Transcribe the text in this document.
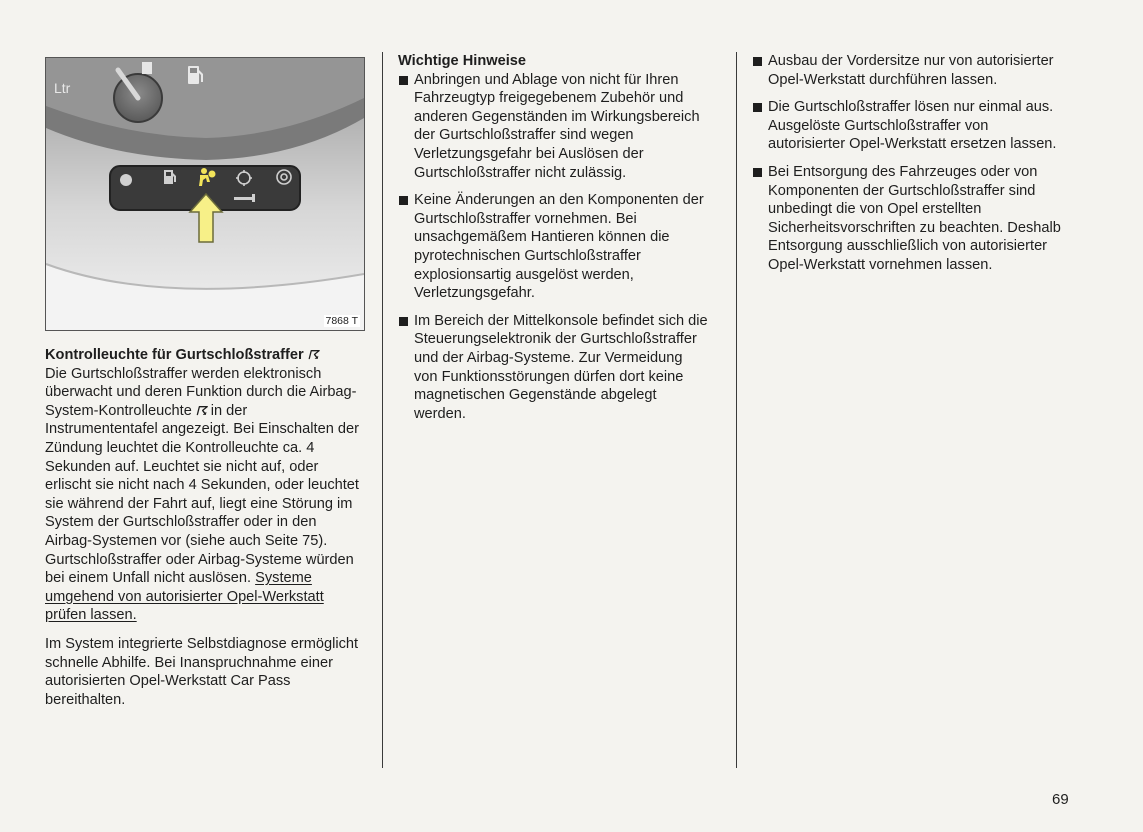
Ltr
7868 T
Kontrolleuchte für Gurtschloßstraffer ☈

Die Gurtschloßstraffer werden elektronisch überwacht und deren Funktion durch die Airbag-System-Kontrolleuchte ☈ in der Instrumententafel angezeigt. Bei Einschalten der Zündung leuchtet die Kontrolleuchte ca. 4 Sekunden auf. Leuchtet sie nicht auf, oder erlischt sie nicht nach 4 Sekunden, oder leuchtet sie während der Fahrt auf, liegt eine Störung im System der Gurtschloßstraffer oder in den Airbag-Systemen vor (siehe auch Seite 75). Gurtschloßstraffer oder Airbag-Systeme würden bei einem Unfall nicht auslösen. Systeme umgehend von autorisierter Opel-Werkstatt prüfen lassen.

Im System integrierte Selbstdiagnose ermöglicht schnelle Abhilfe. Bei Inanspruchnahme einer autorisierten Opel-Werkstatt Car Pass bereithalten.

Wichtige Hinweise
Anbringen und Ablage von nicht für Ihren Fahrzeugtyp freigegebenem Zubehör und anderen Gegenständen im Wirkungsbereich der Gurtschloßstraffer sind wegen Verletzungsgefahr bei Auslösen der Gurtschloßstraffer nicht zulässig.
Keine Änderungen an den Komponenten der Gurtschloßstraffer vornehmen. Bei unsachgemäßem Hantieren können die pyrotechnischen Gurtschloßstraffer explosionsartig ausgelöst werden, Verletzungsgefahr.
Im Bereich der Mittelkonsole befindet sich die Steuerungselektronik der Gurtschloßstraffer und der Airbag-Systeme. Zur Vermeidung von Funktionsstörungen dürfen dort keine magnetischen Gegenstände abgelegt werden.
Ausbau der Vordersitze nur von autorisierter Opel-Werkstatt durchführen lassen.
Die Gurtschloßstraffer lösen nur einmal aus. Ausgelöste Gurtschloßstraffer von autorisierter Opel-Werkstatt ersetzen lassen.
Bei Entsorgung des Fahrzeuges oder von Komponenten der Gurtschloßstraffer sind unbedingt die von Opel erstellten Sicherheitsvorschriften zu beachten. Deshalb Entsorgung ausschließlich von autorisierter Opel-Werkstatt vornehmen lassen.
69
